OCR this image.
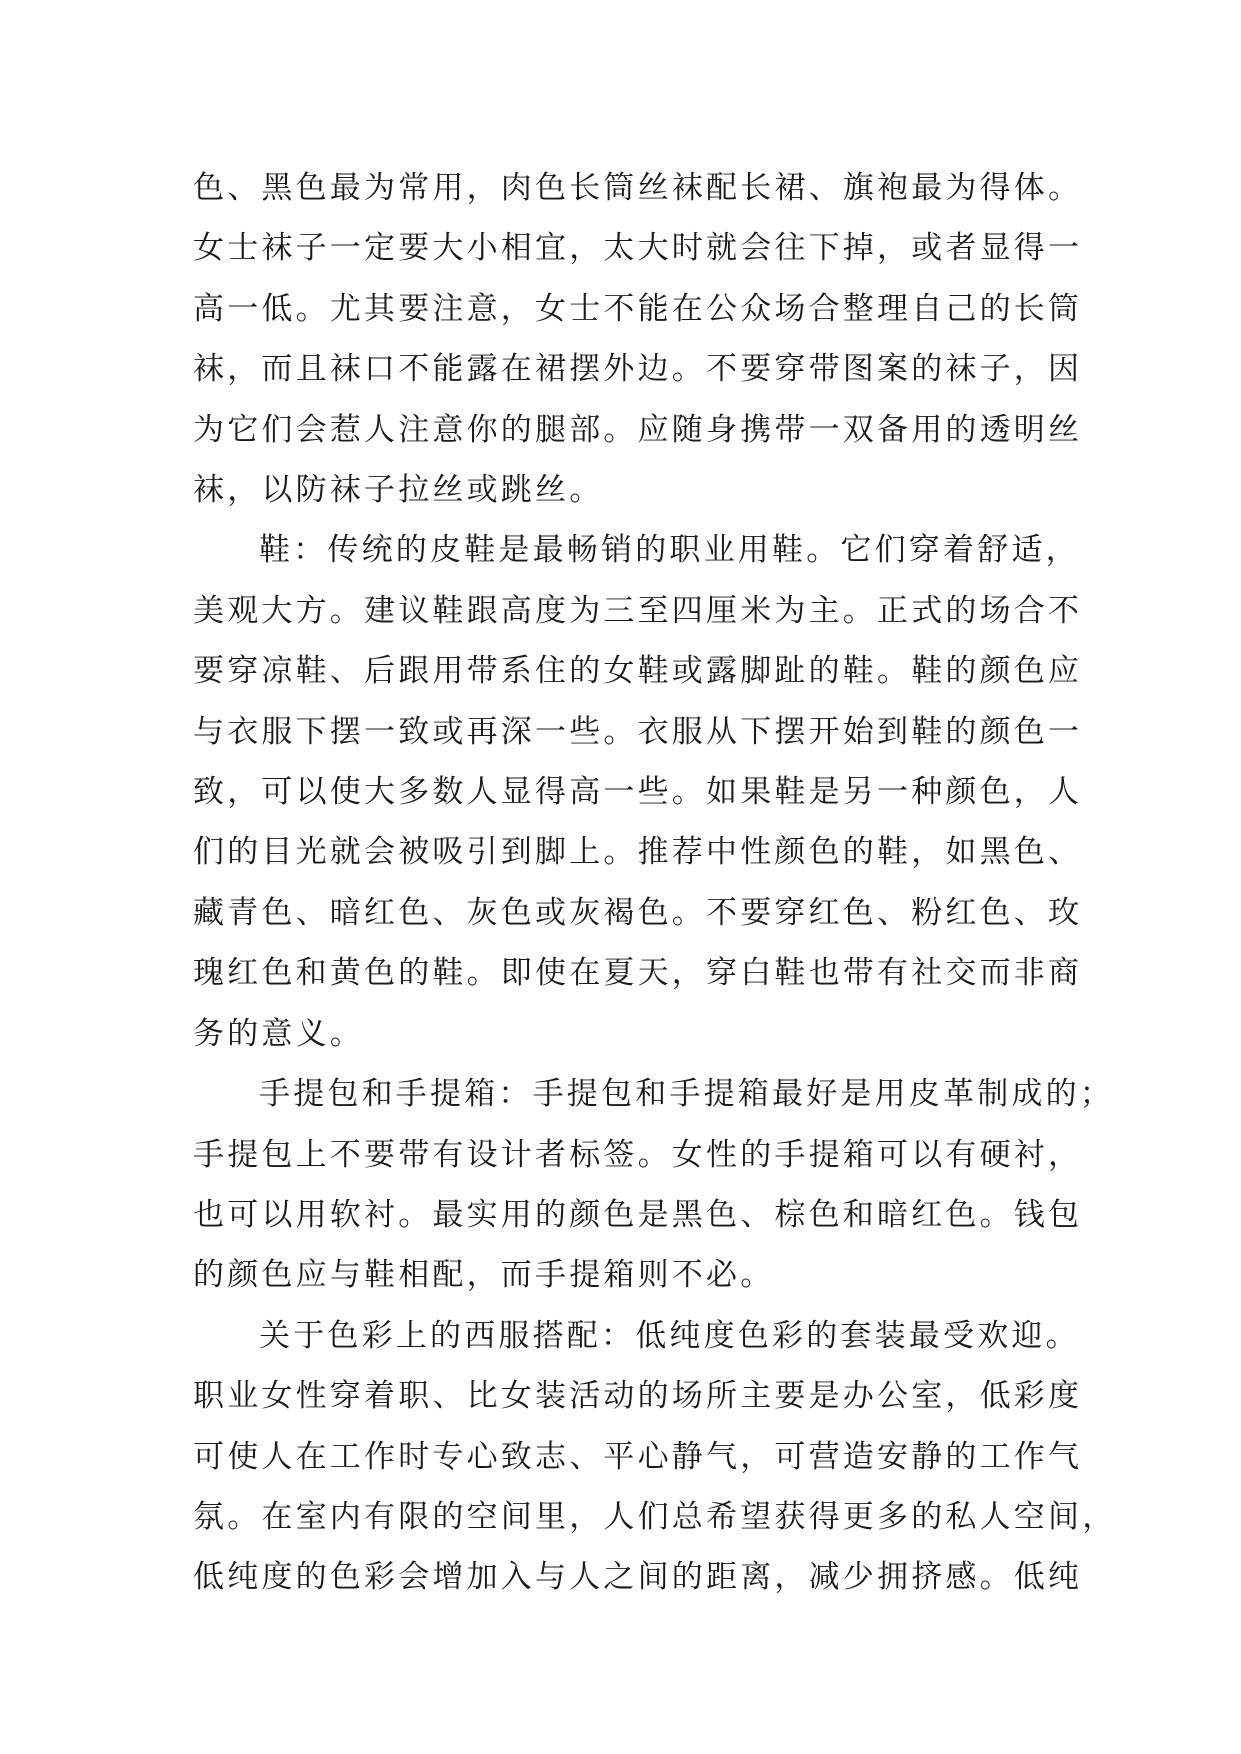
色、黑色最为常用，肉色长筒丝袜配长裙、旗袍最为得体。
女士袜子一定要大小相宜，太大时就会往下掉，或者显得一
高一低。尤其要注意，女士不能在公众场合整理自己的长筒
袜，而且袜口不能露在裙摆外边。不要穿带图案的袜子，因
为它们会惹人注意你的腿部。应随身携带一双备用的透明丝
袜，以防袜子拉丝或跳丝。

鞋：传统的皮鞋是最畅销的职业用鞋。它们穿着舒适，
美观大方。建议鞋跟高度为三至四厘米为主。正式的场合不
要穿凉鞋、后跟用带系住的女鞋或露脚趾的鞋。鞋的颜色应
与衣服下摆一致或再深一些。衣服从下摆开始到鞋的颜色一
致，可以使大多数人显得高一些。如果鞋是另一种颜色，人
们的目光就会被吸引到脚上。推荐中性颜色的鞋，如黑色、
藏青色、暗红色、灰色或灰褐色。不要穿红色、粉红色、玫
瑰红色和黄色的鞋。即使在夏天，穿白鞋也带有社交而非商
务的意义。

手提包和手提箱：手提包和手提箱最好是用皮革制成的；
手提包上不要带有设计者标签。女性的手提箱可以有硬衬，
也可以用软衬。最实用的颜色是黑色、棕色和暗红色。钱包
的颜色应与鞋相配，而手提箱则不必。

关于色彩上的西服搭配：低纯度色彩的套装最受欢迎。
职业女性穿着职、比女装活动的场所主要是办公室，低彩度
可使人在工作时专心致志、平心静气，可营造安静的工作气
氛。在室内有限的空间里，人们总希望获得更多的私人空间，
低纯度的色彩会增加入与人之间的距离，减少拥挤感。低纯
